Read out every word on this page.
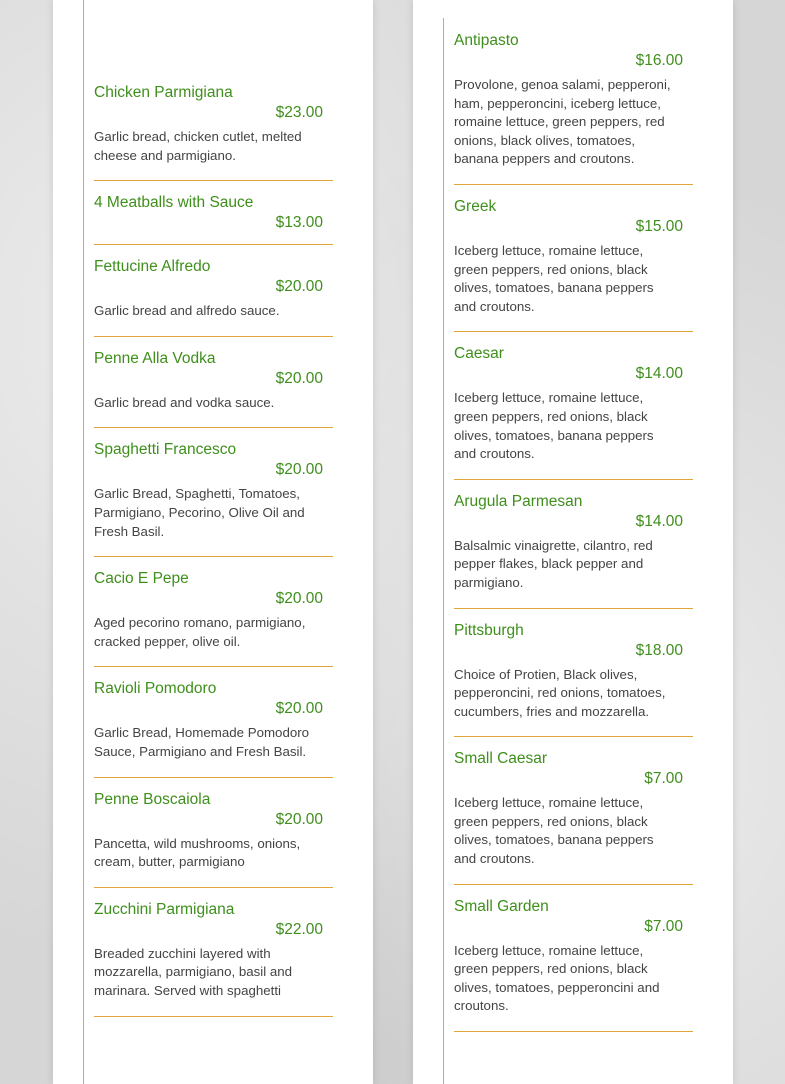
Chicken Parmigiana
$23.00
Garlic bread, chicken cutlet, melted cheese and parmigiano.
4 Meatballs with Sauce
$13.00
Fettucine Alfredo
$20.00
Garlic bread and alfredo sauce.
Penne Alla Vodka
$20.00
Garlic bread and vodka sauce.
Spaghetti Francesco
$20.00
Garlic Bread, Spaghetti, Tomatoes, Parmigiano, Pecorino, Olive Oil and Fresh Basil.
Cacio E Pepe
$20.00
Aged pecorino romano, parmigiano, cracked pepper, olive oil.
Ravioli Pomodoro
$20.00
Garlic Bread, Homemade Pomodoro Sauce, Parmigiano and Fresh Basil.
Penne Boscaiola
$20.00
Pancetta, wild mushrooms, onions, cream, butter, parmigiano
Zucchini Parmigiana
$22.00
Breaded zucchini layered with mozzarella, parmigiano, basil and marinara. Served with spaghetti
Antipasto
$16.00
Provolone, genoa salami, pepperoni, ham, pepperoncini, iceberg lettuce, romaine lettuce, green peppers, red onions, black olives, tomatoes, banana peppers and croutons.
Greek
$15.00
Iceberg lettuce, romaine lettuce, green peppers, red onions, black olives, tomatoes, banana peppers and croutons.
Caesar
$14.00
Iceberg lettuce, romaine lettuce, green peppers, red onions, black olives, tomatoes, banana peppers and croutons.
Arugula Parmesan
$14.00
Balsalmic vinaigrette, cilantro, red pepper flakes, black pepper and parmigiano.
Pittsburgh
$18.00
Choice of Protien, Black olives, pepperoncini, red onions, tomatoes, cucumbers, fries and mozzarella.
Small Caesar
$7.00
Iceberg lettuce, romaine lettuce, green peppers, red onions, black olives, tomatoes, banana peppers and croutons.
Small Garden
$7.00
Iceberg lettuce, romaine lettuce, green peppers, red onions, black olives, tomatoes, pepperoncini and croutons.
